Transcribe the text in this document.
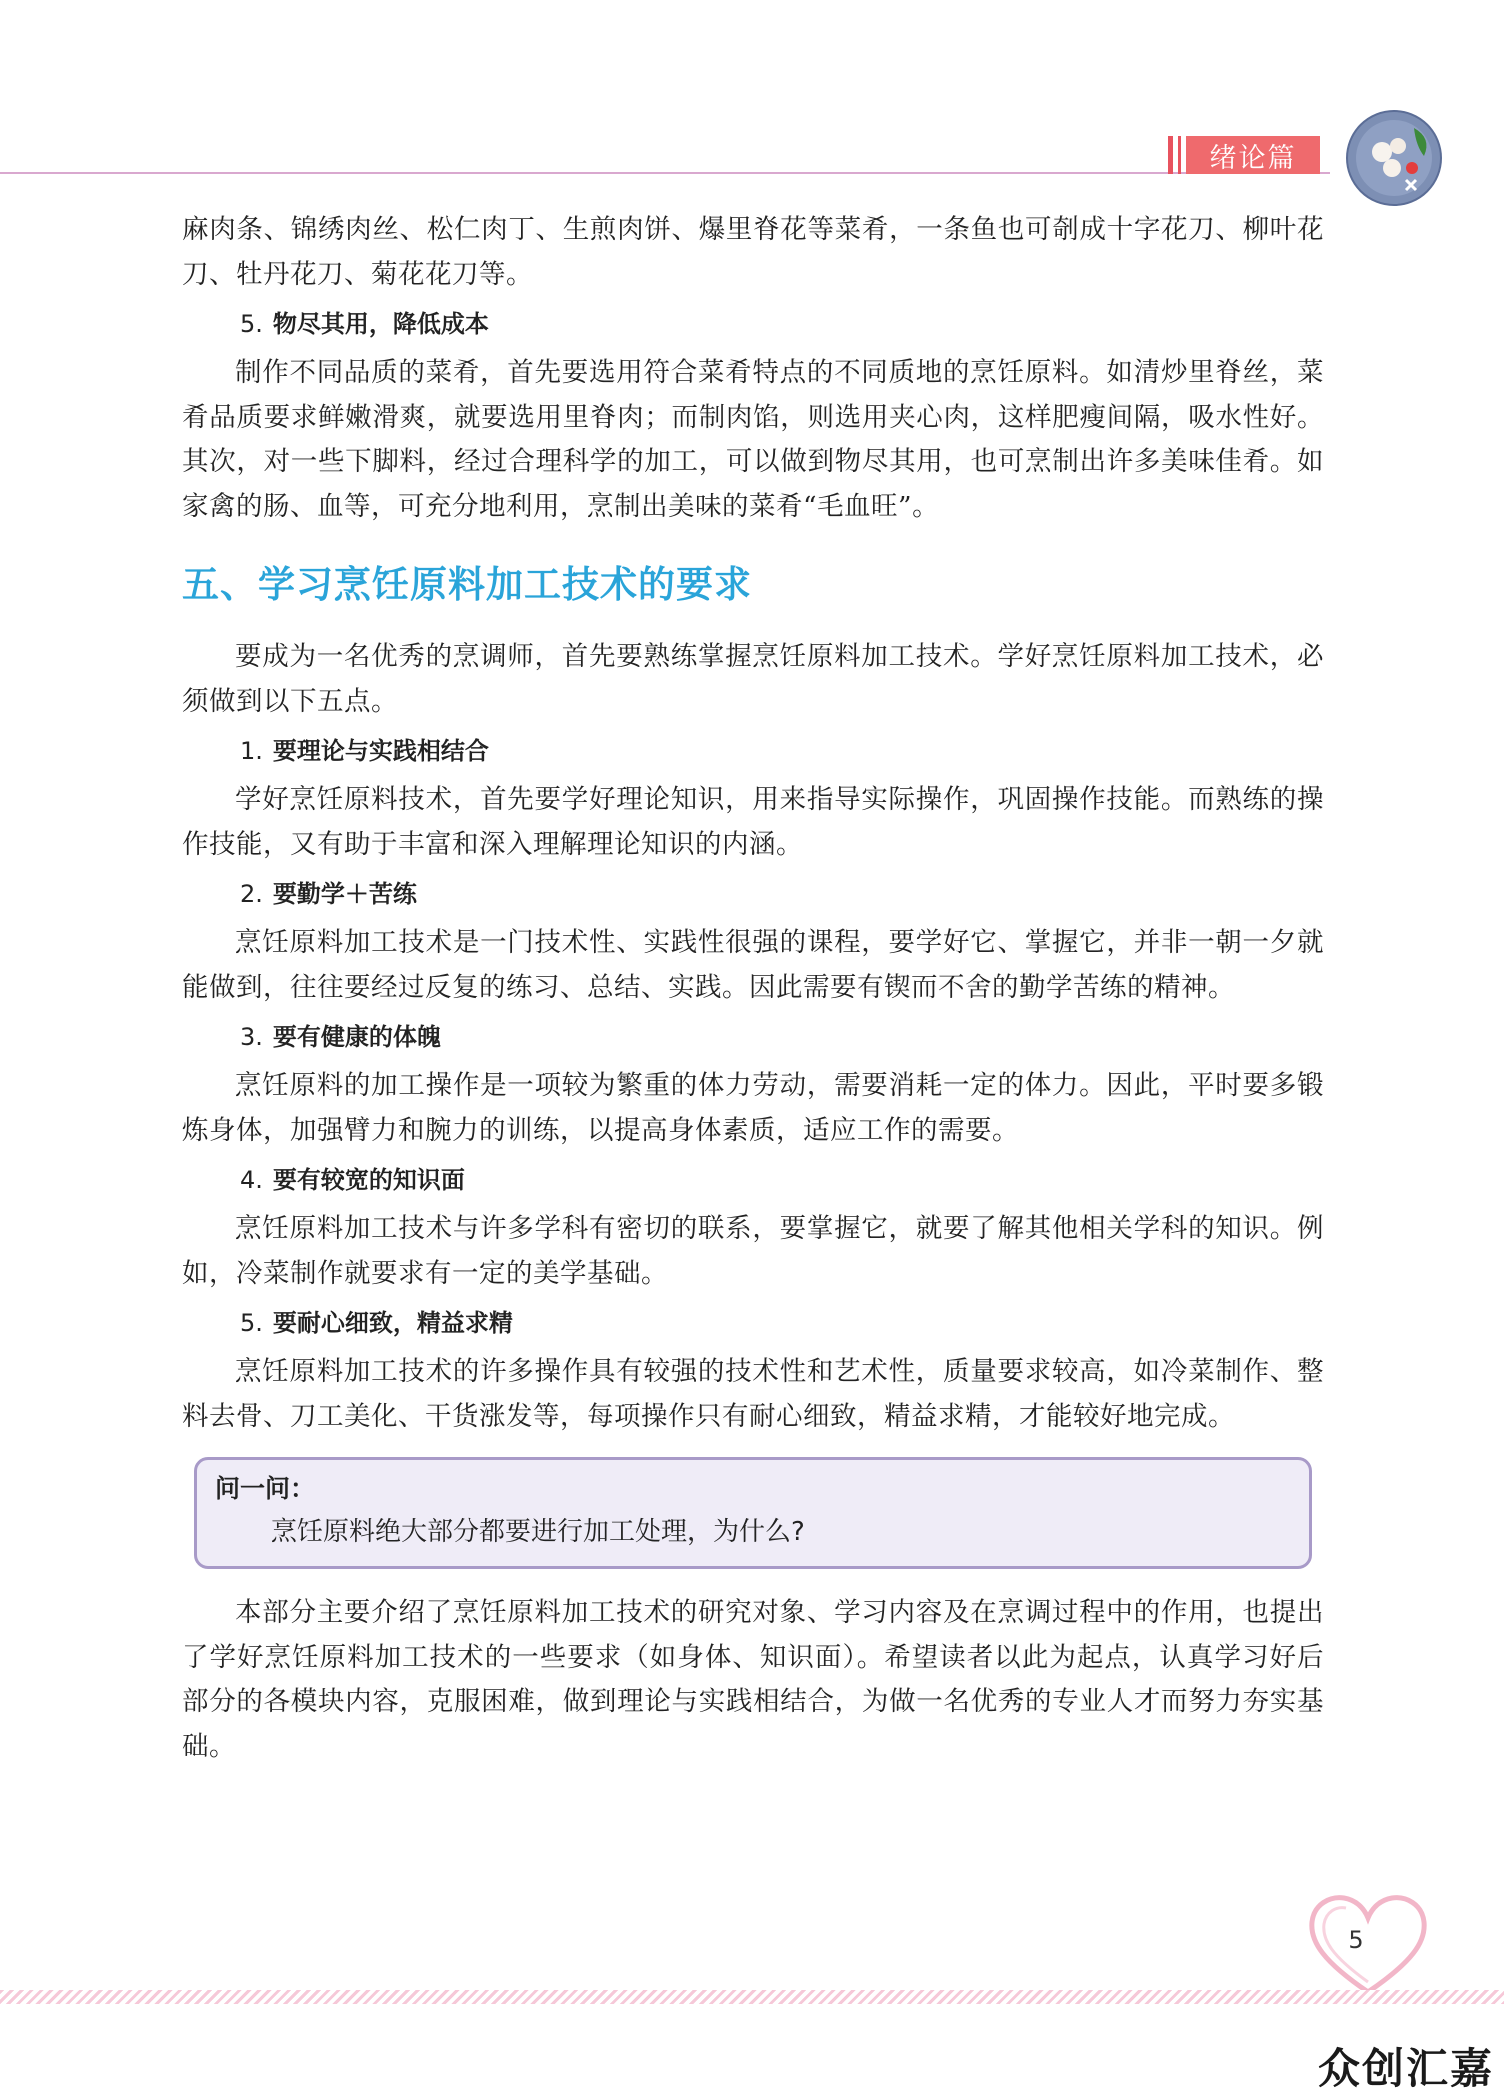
绪论篇

麻肉条、锦绣肉丝、松仁肉丁、生煎肉饼、爆里脊花等菜肴，一条鱼也可剞成十字花刀、柳叶花刀、牡丹花刀、菊花花刀等。

5. 物尽其用，降低成本

制作不同品质的菜肴，首先要选用符合菜肴特点的不同质地的烹饪原料。如清炒里脊丝，菜肴品质要求鲜嫩滑爽，就要选用里脊肉；而制肉馅，则选用夹心肉，这样肥瘦间隔，吸水性好。其次，对一些下脚料，经过合理科学的加工，可以做到物尽其用，也可烹制出许多美味佳肴。如家禽的肠、血等，可充分地利用，烹制出美味的菜肴“毛血旺”。

五、学习烹饪原料加工技术的要求

要成为一名优秀的烹调师，首先要熟练掌握烹饪原料加工技术。学好烹饪原料加工技术，必须做到以下五点。

1. 要理论与实践相结合

学好烹饪原料技术，首先要学好理论知识，用来指导实际操作，巩固操作技能。而熟练的操作技能，又有助于丰富和深入理解理论知识的内涵。

2. 要勤学＋苦练

烹饪原料加工技术是一门技术性、实践性很强的课程，要学好它、掌握它，并非一朝一夕就能做到，往往要经过反复的练习、总结、实践。因此需要有锲而不舍的勤学苦练的精神。

3. 要有健康的体魄

烹饪原料的加工操作是一项较为繁重的体力劳动，需要消耗一定的体力。因此，平时要多锻炼身体，加强臂力和腕力的训练，以提高身体素质，适应工作的需要。

4. 要有较宽的知识面

烹饪原料加工技术与许多学科有密切的联系，要掌握它，就要了解其他相关学科的知识。例如，冷菜制作就要求有一定的美学基础。

5. 要耐心细致，精益求精

烹饪原料加工技术的许多操作具有较强的技术性和艺术性，质量要求较高，如冷菜制作、整料去骨、刀工美化、干货涨发等，每项操作只有耐心细致，精益求精，才能较好地完成。

问一问：
烹饪原料绝大部分都要进行加工处理，为什么?

本部分主要介绍了烹饪原料加工技术的研究对象、学习内容及在烹调过程中的作用，也提出了学好烹饪原料加工技术的一些要求（如身体、知识面）。希望读者以此为起点，认真学习好后部分的各模块内容，克服困难，做到理论与实践相结合，为做一名优秀的专业人才而努力夯实基础。

5
众创汇嘉
